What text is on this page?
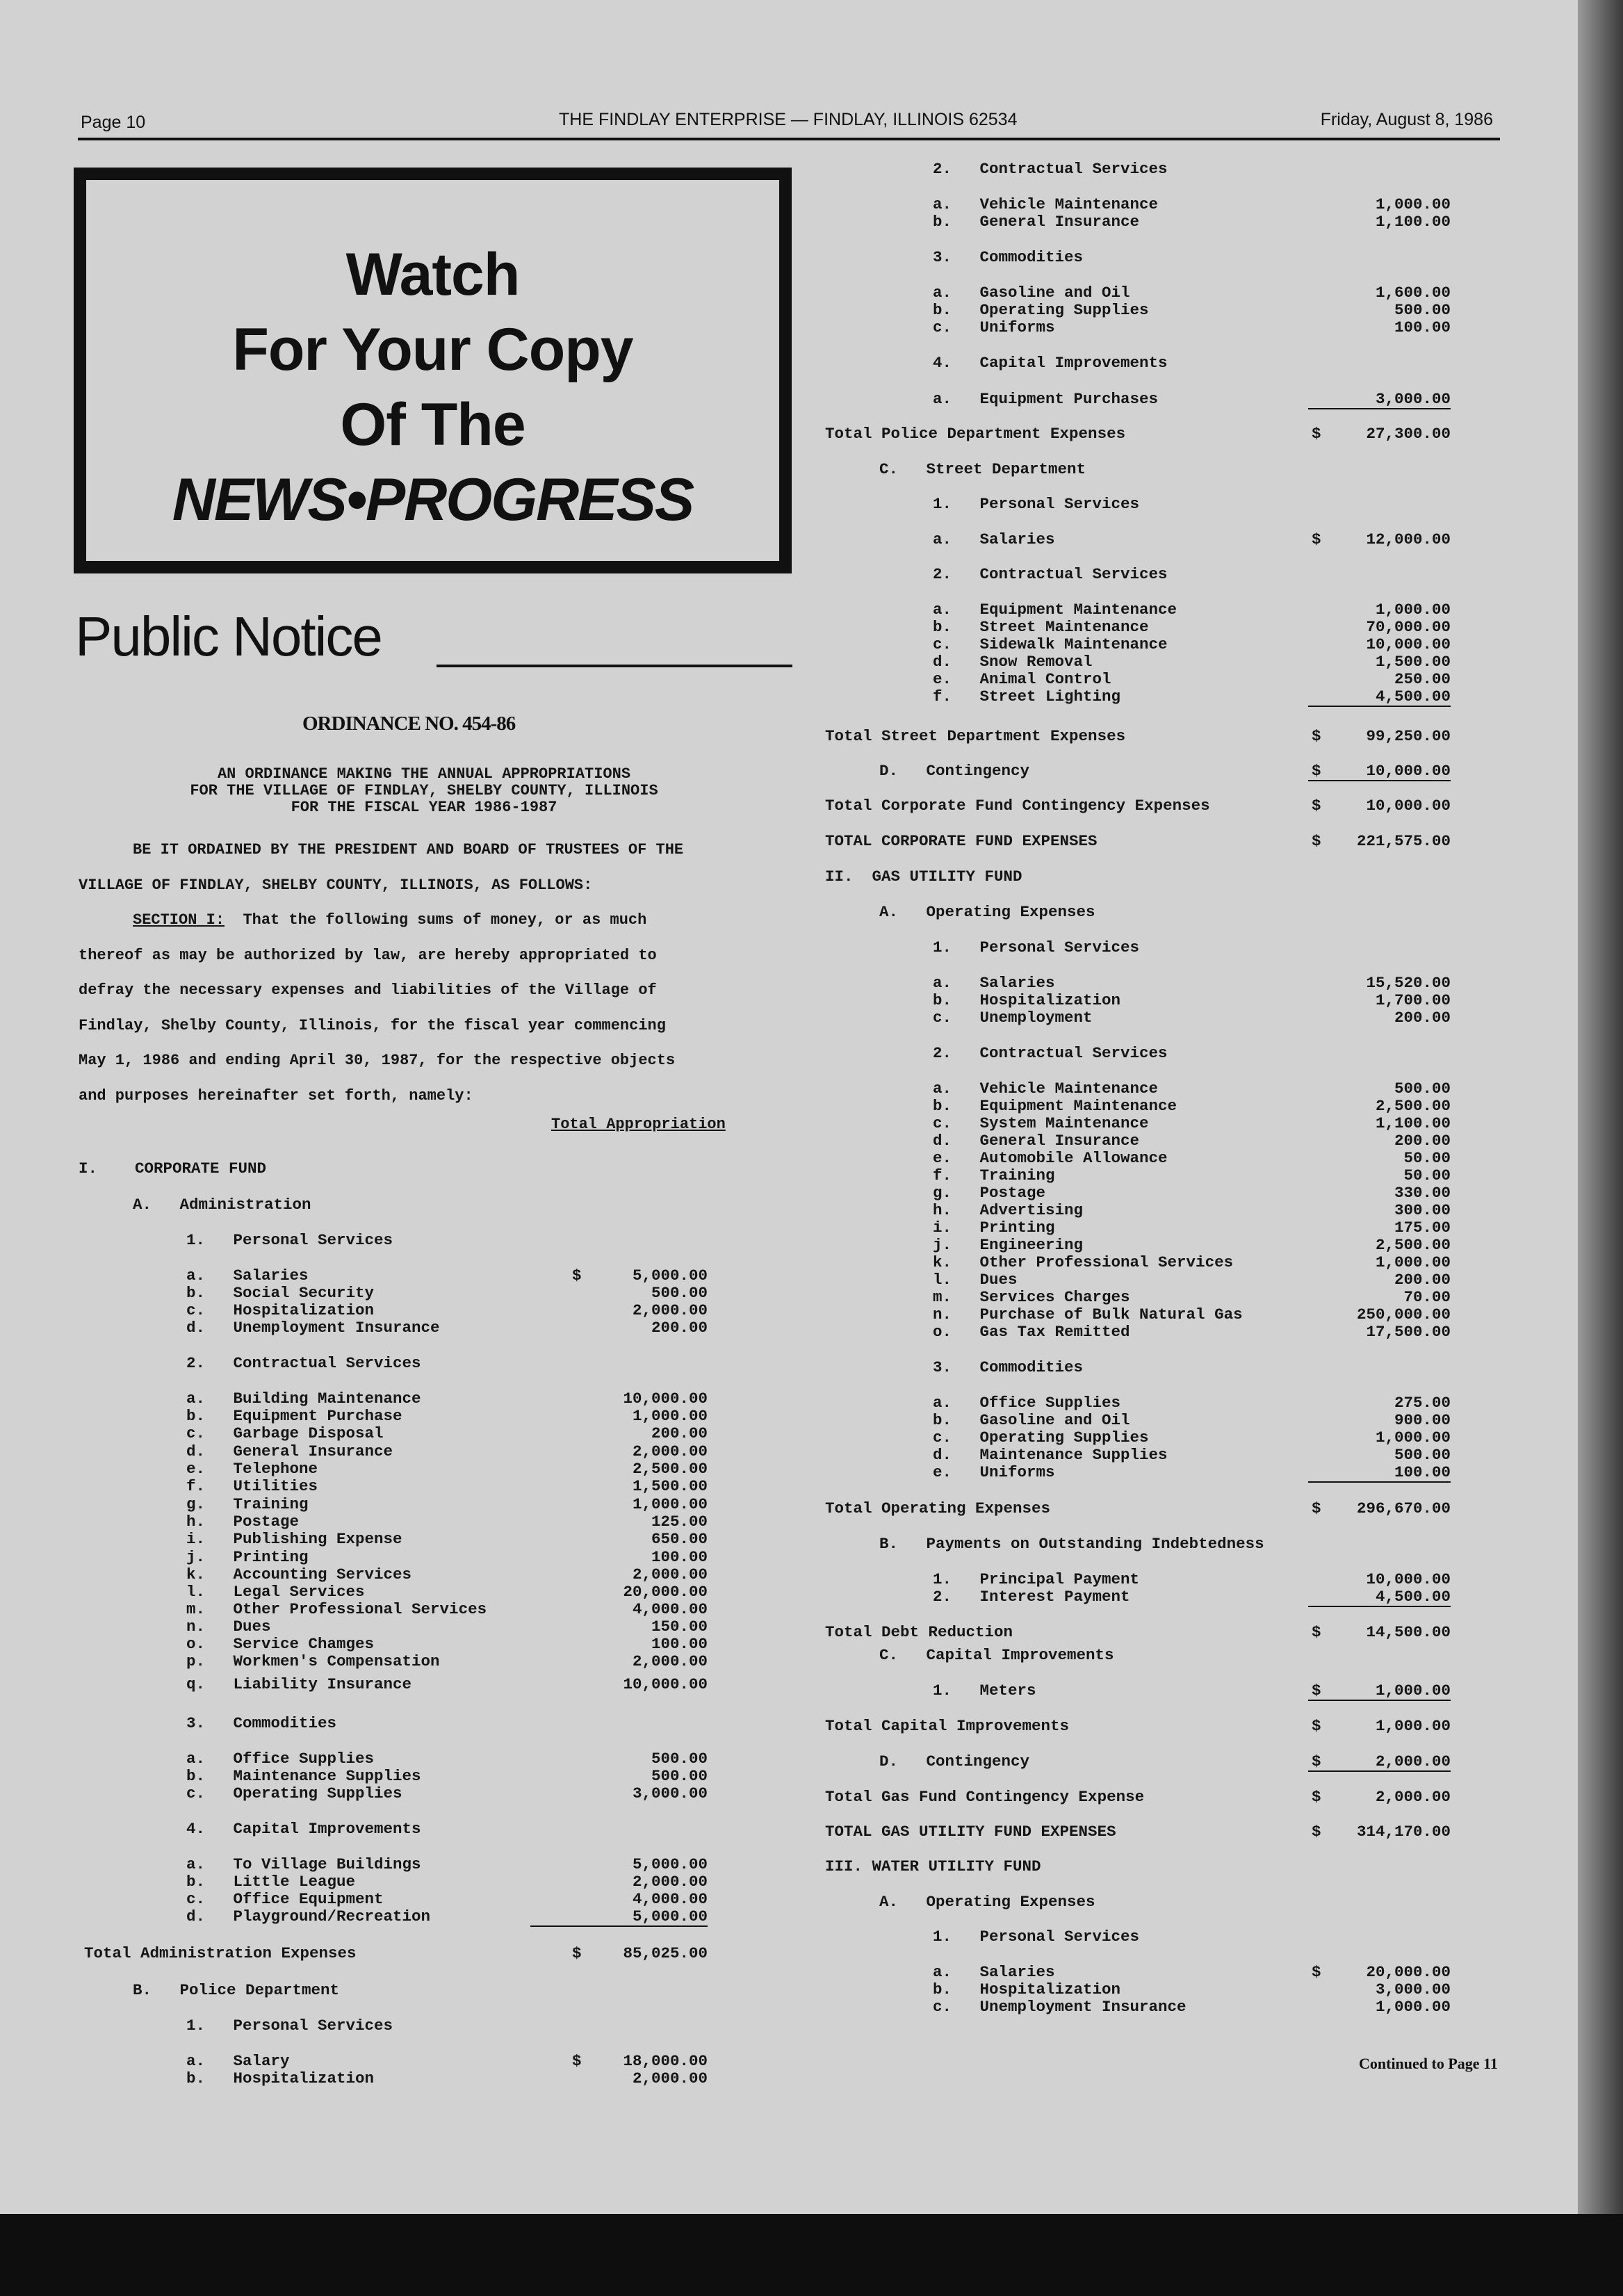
Page 10	THE FINDLAY ENTERPRISE — FINDLAY, ILLINOIS 62534	Friday, August 8, 1986
Watch
For Your Copy
Of The
NEWS•PROGRESS
Public Notice
ORDINANCE NO. 454-86
AN ORDINANCE MAKING THE ANNUAL APPROPRIATIONS
FOR THE VILLAGE OF FINDLAY, SHELBY COUNTY, ILLINOIS
FOR THE FISCAL YEAR 1986-1987
BE IT ORDAINED BY THE PRESIDENT AND BOARD OF TRUSTEES OF THE
VILLAGE OF FINDLAY, SHELBY COUNTY, ILLINOIS, AS FOLLOWS:
SECTION I: That the following sums of money, or as much
thereof as may be authorized by law, are hereby appropriated to
defray the necessary expenses and liabilities of the Village of
Findlay, Shelby County, Illinois, for the fiscal year commencing
May 1, 1986 and ending April 30, 1987, for the respective objects
and purposes hereinafter set forth, namely:
Total Appropriation
I.    CORPORATE FUND
A.   Administration
1.   Personal Services
a.   Salaries	$	5,000.00
b.   Social Security	500.00
c.   Hospitalization	2,000.00
d.   Unemployment Insurance	200.00
2.   Contractual Services
a.   Building Maintenance	10,000.00
b.   Equipment Purchase	1,000.00
c.   Garbage Disposal	200.00
d.   General Insurance	2,000.00
e.   Telephone	2,500.00
f.   Utilities	1,500.00
g.   Training	1,000.00
h.   Postage	125.00
i.   Publishing Expense	650.00
j.   Printing	100.00
k.   Accounting Services	2,000.00
l.   Legal Services	20,000.00
m.   Other Professional Services	4,000.00
n.   Dues	150.00
o.   Service Chamges	100.00
p.   Workmen's Compensation	2,000.00
q.   Liability Insurance	10,000.00
3.   Commodities
a.   Office Supplies	500.00
b.   Maintenance Supplies	500.00
c.   Operating Supplies	3,000.00
4.   Capital Improvements
a.   To Village Buildings	5,000.00
b.   Little League	2,000.00
c.   Office Equipment	4,000.00
d.   Playground/Recreation	5,000.00
Total Administration Expenses	$	85,025.00
B.   Police Department
1.   Personal Services
a.   Salary	$	18,000.00
b.   Hospitalization	2,000.00
2.   Contractual Services
a.   Vehicle Maintenance	1,000.00
b.   General Insurance	1,100.00
3.   Commodities
a.   Gasoline and Oil	1,600.00
b.   Operating Supplies	500.00
c.   Uniforms	100.00
4.   Capital Improvements
a.   Equipment Purchases	3,000.00
Total Police Department Expenses	$	27,300.00
C.   Street Department
1.   Personal Services
a.   Salaries	$	12,000.00
2.   Contractual Services
a.   Equipment Maintenance	1,000.00
b.   Street Maintenance	70,000.00
c.   Sidewalk Maintenance	10,000.00
d.   Snow Removal	1,500.00
e.   Animal Control	250.00
f.   Street Lighting	4,500.00
Total Street Department Expenses	$	99,250.00
D.   Contingency	$	10,000.00
Total Corporate Fund Contingency Expenses	$	10,000.00
TOTAL CORPORATE FUND EXPENSES	$	221,575.00
II.  GAS UTILITY FUND
A.   Operating Expenses
1.   Personal Services
a.   Salaries	15,520.00
b.   Hospitalization	1,700.00
c.   Unemployment	200.00
2.   Contractual Services
a.   Vehicle Maintenance	500.00
b.   Equipment Maintenance	2,500.00
c.   System Maintenance	1,100.00
d.   General Insurance	200.00
e.   Automobile Allowance	50.00
f.   Training	50.00
g.   Postage	330.00
h.   Advertising	300.00
i.   Printing	175.00
j.   Engineering	2,500.00
k.   Other Professional Services	1,000.00
l.   Dues	200.00
m.   Services Charges	70.00
n.   Purchase of Bulk Natural Gas	250,000.00
o.   Gas Tax Remitted	17,500.00
3.   Commodities
a.   Office Supplies	275.00
b.   Gasoline and Oil	900.00
c.   Operating Supplies	1,000.00
d.   Maintenance Supplies	500.00
e.   Uniforms	100.00
Total Operating Expenses	$	296,670.00
B.   Payments on Outstanding Indebtedness
1.   Principal Payment	10,000.00
2.   Interest Payment	4,500.00
Total Debt Reduction	$	14,500.00
C.   Capital Improvements
1.   Meters	$	1,000.00
Total Capital Improvements	$	1,000.00
D.   Contingency	$	2,000.00
Total Gas Fund Contingency Expense	$	2,000.00
TOTAL GAS UTILITY FUND EXPENSES	$	314,170.00
III. WATER UTILITY FUND
A.   Operating Expenses
1.   Personal Services
a.   Salaries	$	20,000.00
b.   Hospitalization	3,000.00
c.   Unemployment Insurance	1,000.00
Continued to Page 11
